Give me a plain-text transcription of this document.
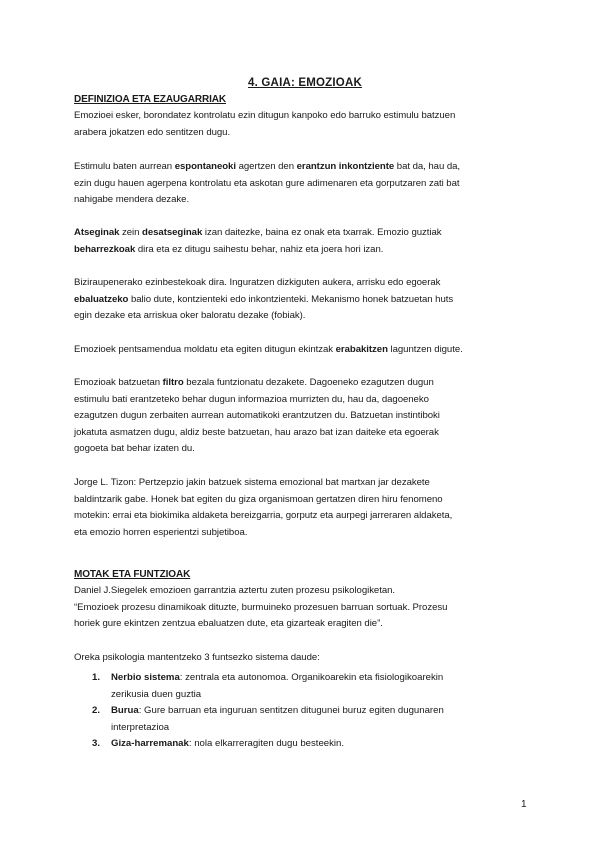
4. GAIA: EMOZIOAK
DEFINIZIOA ETA EZAUGARRIAK

Emozioei esker, borondatez kontrolatu ezin ditugun kanpoko edo barruko estimulu batzuen
arabera jokatzen edo sentitzen dugu.

Estimulu baten aurrean espontaneoki agertzen den erantzun inkontziente bat da, hau da,
ezin dugu hauen agerpena kontrolatu eta askotan gure adimenaren eta gorputzaren zati bat
nahigabe mendera dezake.

Atseginak zein desatseginak izan daitezke, baina ez onak eta txarrak. Emozio guztiak
beharrezkoak dira eta ez ditugu saihestu behar, nahiz eta joera hori izan.

Biziraupenerako ezinbestekoak dira. Inguratzen dizkiguten aukera, arrisku edo egoerak
ebaluatzeko balio dute, kontzienteki edo inkontzienteki. Mekanismo honek batzuetan huts
egin dezake eta arriskua oker baloratu dezake (fobiak).

Emozioek pentsamendua moldatu eta egiten ditugun ekintzak erabakitzen laguntzen digute.

Emozioak batzuetan filtro bezala funtzionatu dezakete. Dagoeneko ezagutzen dugun
estimulu bati erantzeteko behar dugun informazioa murrizten du, hau da, dagoeneko
ezagutzen dugun zerbaiten aurrean automatikoki erantzutzen du. Batzuetan instintiboki
jokatuta asmatzen dugu, aldiz beste batzuetan, hau arazo bat izan daiteke eta egoerak
gogoeta bat behar izaten du.

Jorge L. Tizon: Pertzepzio jakin batzuek sistema emozional bat martxan jar dezakete
baldintzarik gabe. Honek bat egiten du giza organismoan gertatzen diren hiru fenomeno
motekin: errai eta biokimika aldaketa bereizgarria, gorputz eta aurpegi jarreraren aldaketa,
eta emozio horren esperientzi subjetiboa.

MOTAK ETA FUNTZIOAK

Daniel J.Siegelek emozioen garrantzia aztertu zuten prozesu psikologiketan.
“Emozioek prozesu dinamikoak dituzte, burmuineko prozesuen barruan sortuak. Prozesu
horiek gure ekintzen zentzua ebaluatzen dute, eta gizarteak eragiten die”.

Oreka psikologia mantentzeko 3 funtsezko sistema daude:

1. Nerbio sistema: zentrala eta autonomoa. Organikoarekin eta fisiologikoarekin
zerikusia duen guztia
2. Burua: Gure barruan eta inguruan sentitzen ditugunei buruz egiten dugunaren
interpretazioa
3. Giza-harremanak: nola elkarreragiten dugu besteekin.
1
